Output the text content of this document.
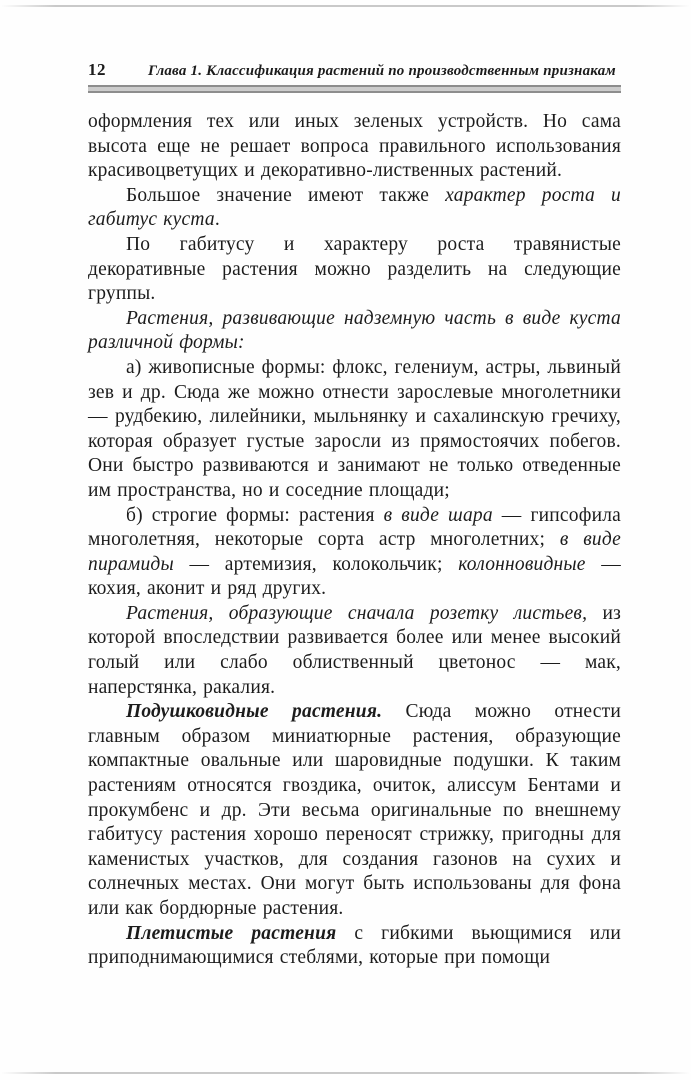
12	Глава 1. Классификация растений по производственным признакам

оформления тех или иных зеленых устройств. Но сама высота еще не решает вопроса правильного использования красивоцветущих и декоративно-лиственных растений.

Большое значение имеют также характер роста и габитус куста.

По габитусу и характеру роста травянистые декоративные растения можно разделить на следующие группы.

Растения, развивающие надземную часть в виде куста различной формы:

а) живописные формы: флокс, гелениум, астры, львиный зев и др. Сюда же можно отнести зарослевые многолетники — рудбекию, лилейники, мыльнянку и сахалинскую гречиху, которая образует густые заросли из прямостоячих побегов. Они быстро развиваются и занимают не только отведенные им пространства, но и соседние площади;

б) строгие формы: растения в виде шара — гипсофила многолетняя, некоторые сорта астр многолетних; в виде пирамиды — артемизия, колокольчик; колонновидные — кохия, аконит и ряд других.

Растения, образующие сначала розетку листьев, из которой впоследствии развивается более или менее высокий голый или слабо облиственный цветонос — мак, наперстянка, ракалия.

Подушковидные растения. Сюда можно отнести главным образом миниатюрные растения, образующие компактные овальные или шаровидные подушки. К таким растениям относятся гвоздика, очиток, алиссум Бентами и прокумбенс и др. Эти весьма оригинальные по внешнему габитусу растения хорошо переносят стрижку, пригодны для каменистых участков, для создания газонов на сухих и солнечных местах. Они могут быть использованы для фона или как бордюрные растения.

Плетистые растения с гибкими вьющимися или приподнимающимися стеблями, которые при помощи
